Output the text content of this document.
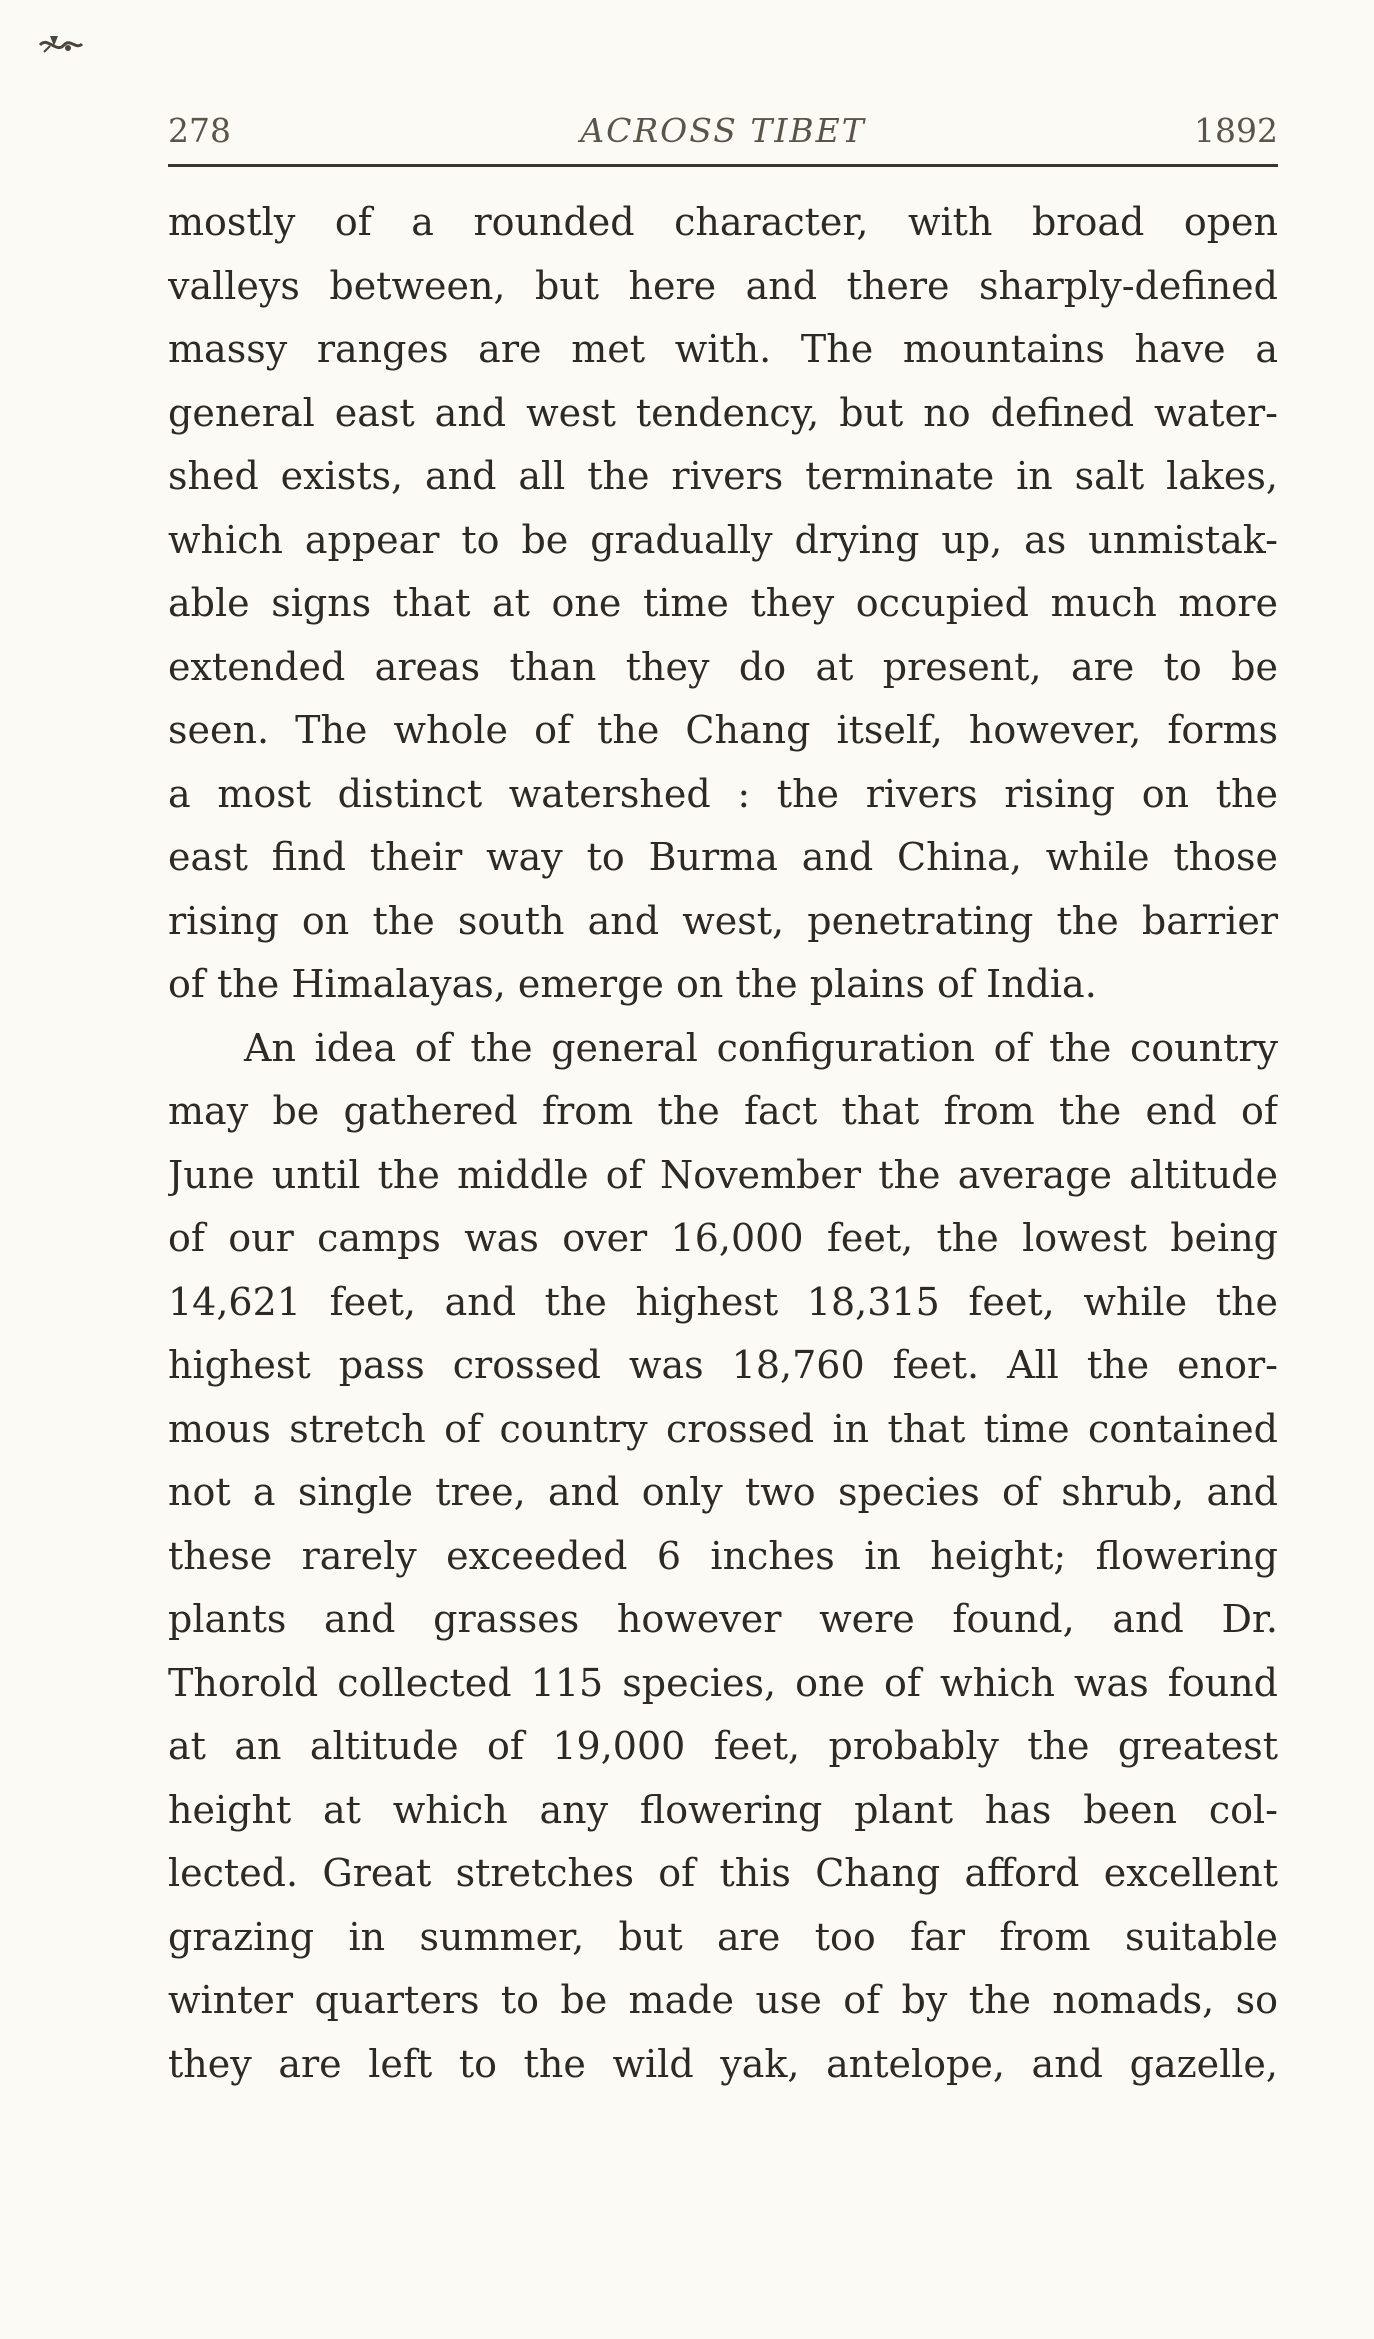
278	ACROSS TIBET	1892
mostly of a rounded character, with broad open
valleys between, but here and there sharply-defined
massy ranges are met with. The mountains have a
general east and west tendency, but no defined water-
shed exists, and all the rivers terminate in salt lakes,
which appear to be gradually drying up, as unmistak-
able signs that at one time they occupied much more
extended areas than they do at present, are to be
seen. The whole of the Chang itself, however, forms
a most distinct watershed : the rivers rising on the
east find their way to Burma and China, while those
rising on the south and west, penetrating the barrier
of the Himalayas, emerge on the plains of India.
An idea of the general configuration of the country
may be gathered from the fact that from the end of
June until the middle of November the average altitude
of our camps was over 16,000 feet, the lowest being
14,621 feet, and the highest 18,315 feet, while the
highest pass crossed was 18,760 feet. All the enor-
mous stretch of country crossed in that time contained
not a single tree, and only two species of shrub, and
these rarely exceeded 6 inches in height; flowering
plants and grasses however were found, and Dr.
Thorold collected 115 species, one of which was found
at an altitude of 19,000 feet, probably the greatest
height at which any flowering plant has been col-
lected. Great stretches of this Chang afford excellent
grazing in summer, but are too far from suitable
winter quarters to be made use of by the nomads, so
they are left to the wild yak, antelope, and gazelle,
